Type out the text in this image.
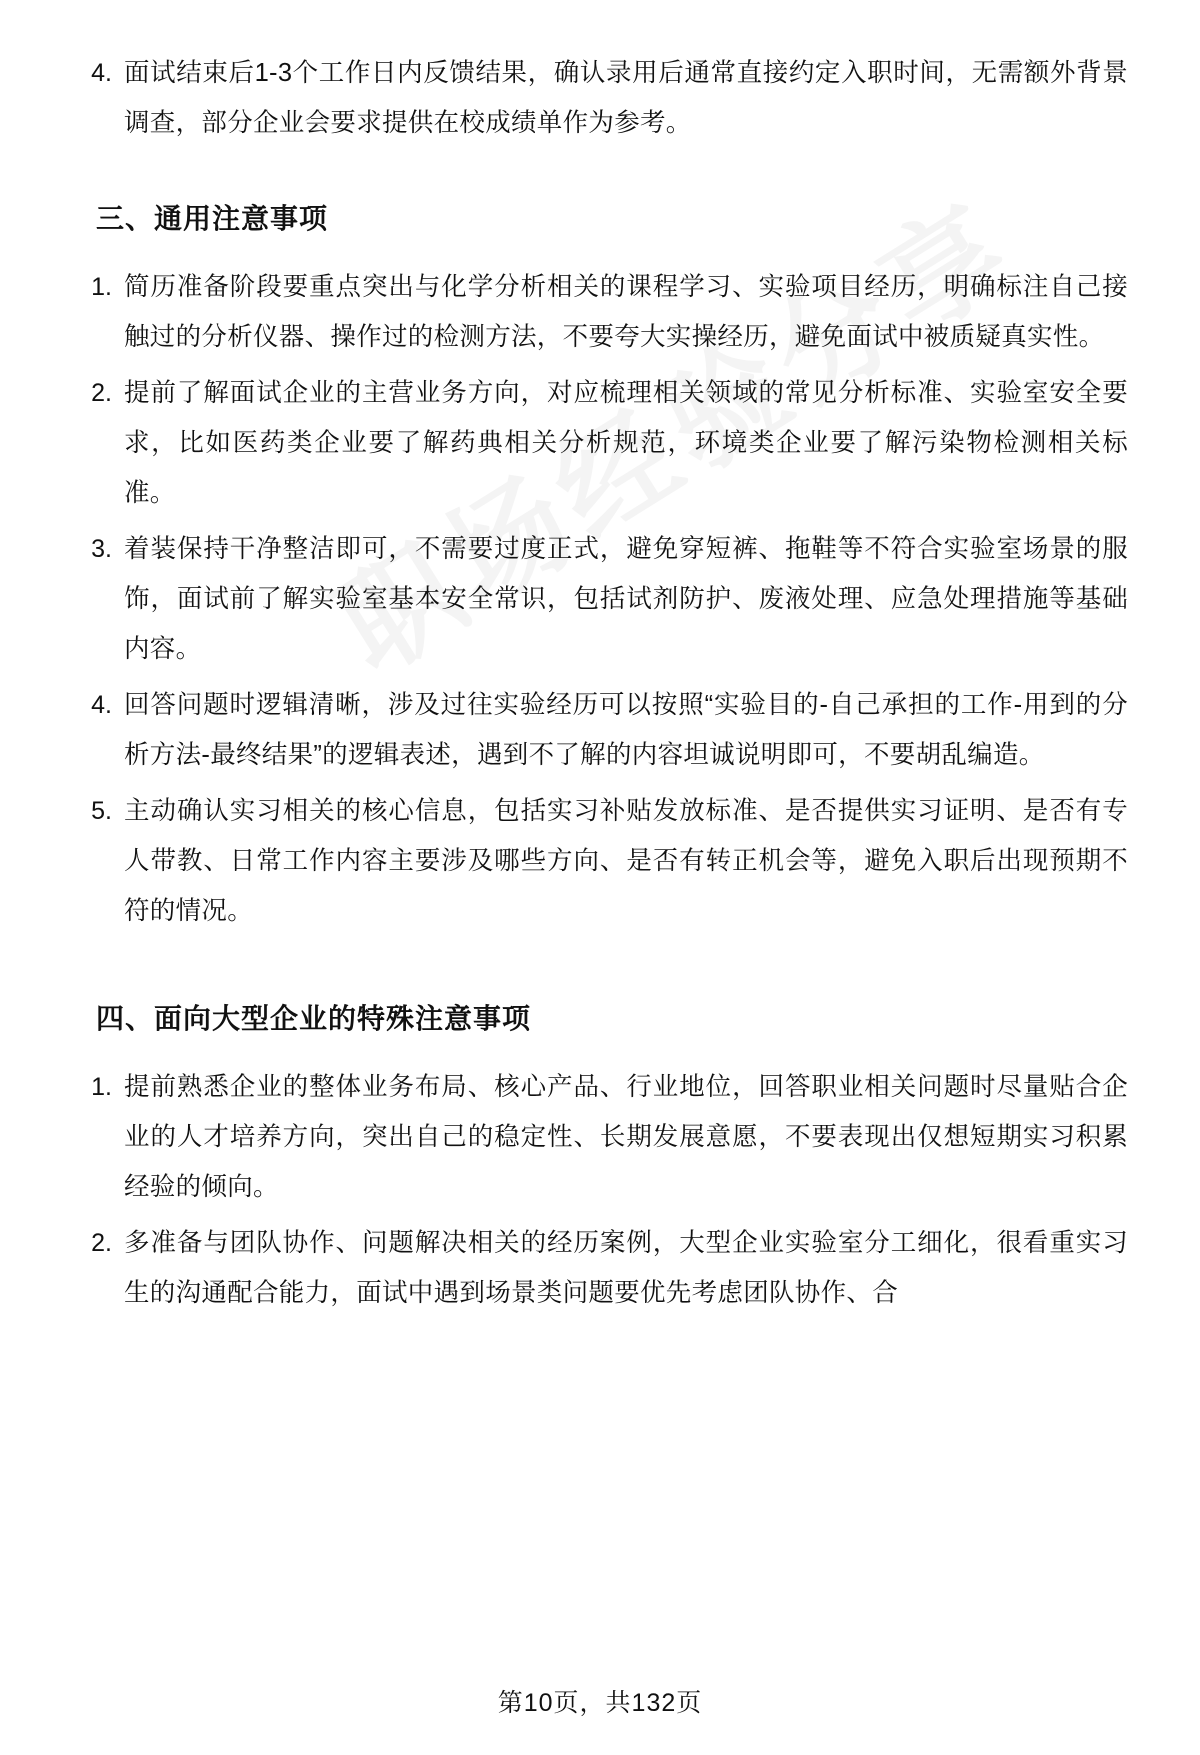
4. 面试结束后1-3个工作日内反馈结果，确认录用后通常直接约定入职时间，无需额外背景调查，部分企业会要求提供在校成绩单作为参考。
三、通用注意事项
1. 简历准备阶段要重点突出与化学分析相关的课程学习、实验项目经历，明确标注自己接触过的分析仪器、操作过的检测方法，不要夸大实操经历，避免面试中被质疑真实性。
2. 提前了解面试企业的主营业务方向，对应梳理相关领域的常见分析标准、实验室安全要求，比如医药类企业要了解药典相关分析规范，环境类企业要了解污染物检测相关标准。
3. 着装保持干净整洁即可，不需要过度正式，避免穿短裤、拖鞋等不符合实验室场景的服饰，面试前了解实验室基本安全常识，包括试剂防护、废液处理、应急处理措施等基础内容。
4. 回答问题时逻辑清晰，涉及过往实验经历可以按照“实验目的-自己承担的工作-用到的分析方法-最终结果”的逻辑表述，遇到不了解的内容坦诚说明即可，不要胡乱编造。
5. 主动确认实习相关的核心信息，包括实习补贴发放标准、是否提供实习证明、是否有专人带教、日常工作内容主要涉及哪些方向、是否有转正机会等，避免入职后出现预期不符的情况。
四、面向大型企业的特殊注意事项
1. 提前熟悉企业的整体业务布局、核心产品、行业地位，回答职业相关问题时尽量贴合企业的人才培养方向，突出自己的稳定性、长期发展意愿，不要表现出仅想短期实习积累经验的倾向。
2. 多准备与团队协作、问题解决相关的经历案例，大型企业实验室分工细化，很看重实习生的沟通配合能力，面试中遇到场景类问题要优先考虑团队协作、合
第10页，共132页
